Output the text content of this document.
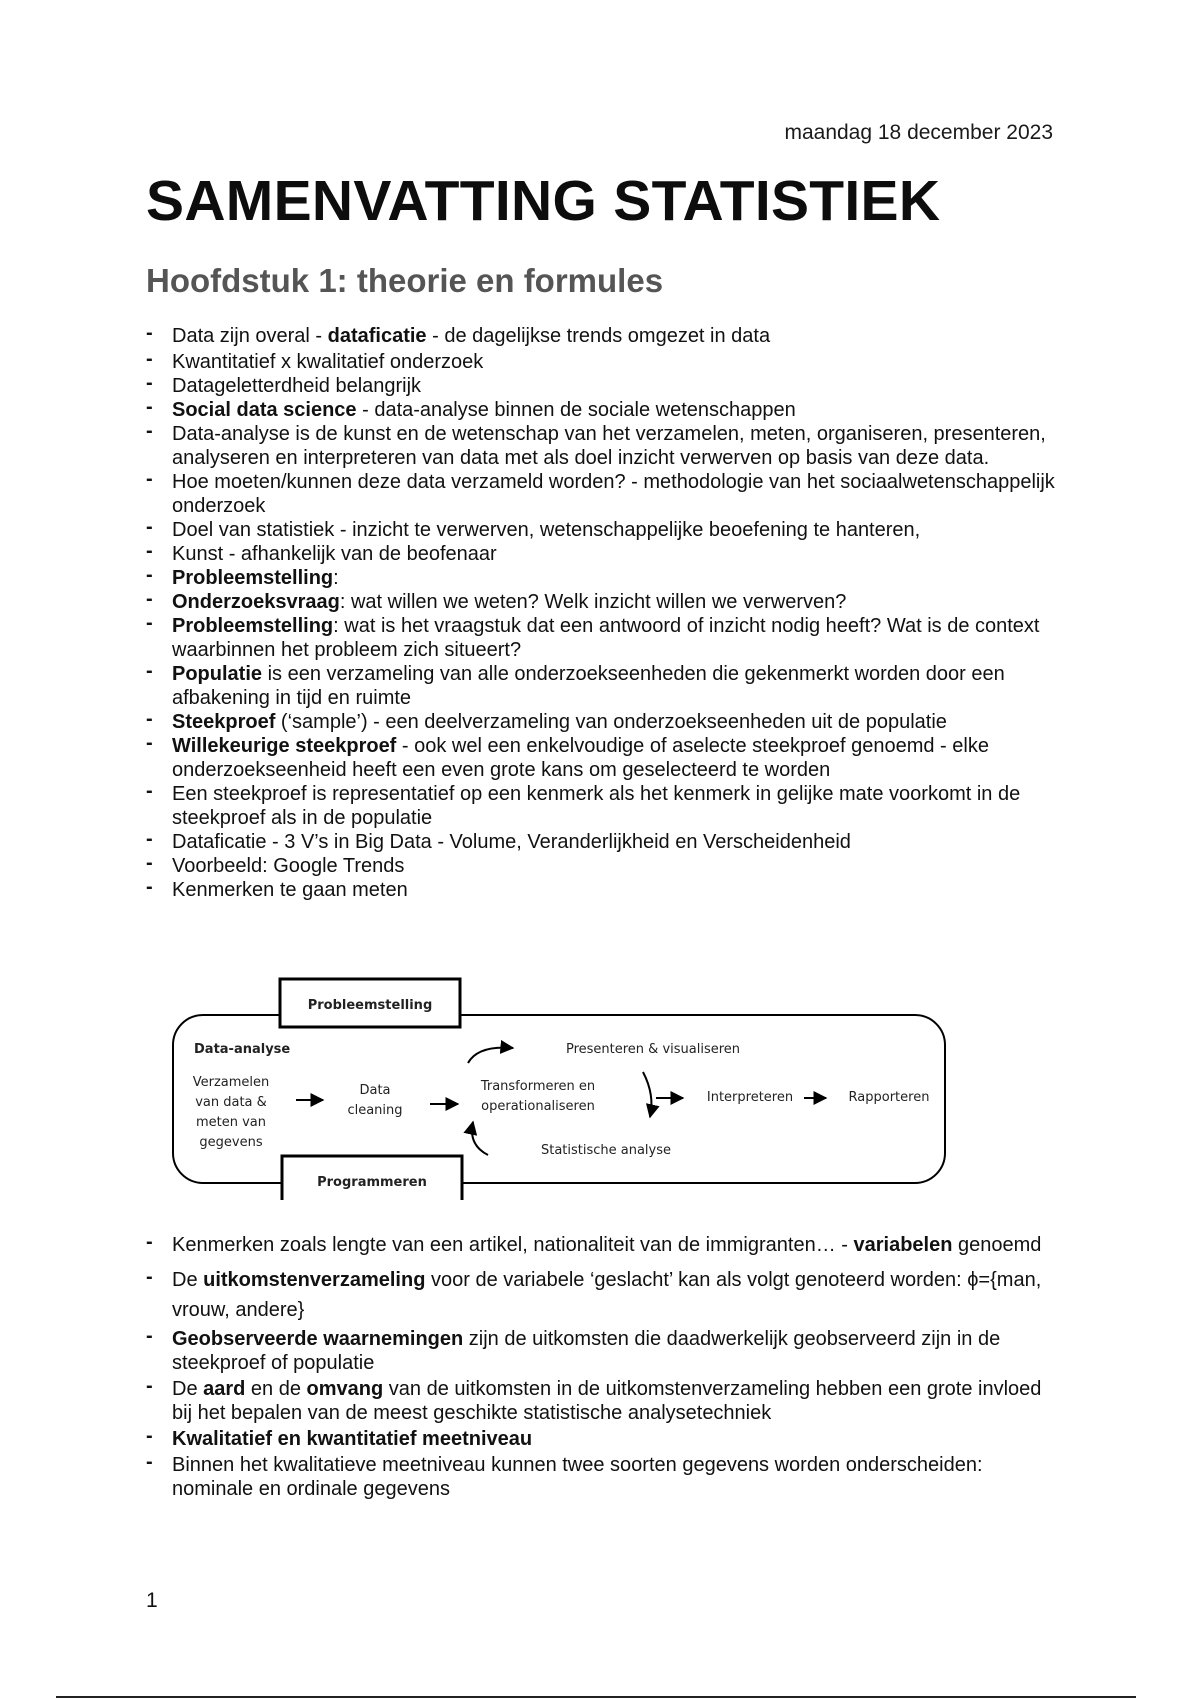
maandag 18 december 2023
SAMENVATTING STATISTIEK
Hoofdstuk 1: theorie en formules
- Data zijn overal - dataficatie - de dagelijkse trends omgezet in data
- Kwantitatief x kwalitatief onderzoek
- Datageletterdheid belangrijk
- Social data science - data-analyse binnen de sociale wetenschappen
- Data-analyse is de kunst en de wetenschap van het verzamelen, meten, organiseren, presenteren, analyseren en interpreteren van data met als doel inzicht verwerven op basis van deze data.
- Hoe moeten/kunnen deze data verzameld worden? - methodologie van het sociaalwetenschappelijk onderzoek
- Doel van statistiek - inzicht te verwerven, wetenschappelijke beoefening te hanteren,
- Kunst - afhankelijk van de beofenaar
- Probleemstelling:
- Onderzoeksvraag: wat willen we weten? Welk inzicht willen we verwerven?
- Probleemstelling: wat is het vraagstuk dat een antwoord of inzicht nodig heeft? Wat is de context waarbinnen het probleem zich situeert?
- Populatie is een verzameling van alle onderzoekseenheden die gekenmerkt worden door een afbakening in tijd en ruimte
- Steekproef (‘sample’) - een deelverzameling van onderzoekseenheden uit de populatie
- Willekeurige steekproef - ook wel een enkelvoudige of aselecte steekproef genoemd - elke onderzoekseenheid heeft een even grote kans om geselecteerd te worden
- Een steekproef is representatief op een kenmerk als het kenmerk in gelijke mate voorkomt in de steekproef als in de populatie
- Dataficatie - 3 V’s in Big Data - Volume, Veranderlijkheid en Verscheidenheid
- Voorbeeld: Google Trends
- Kenmerken te gaan meten
Probleemstelling
Programmeren
Data-analyse
Verzamelen
van data &
meten van
gegevens
Data
cleaning
Transformeren en
operationaliseren
Presenteren & visualiseren
Statistische analyse
Interpreteren	Rapporteren
- Kenmerken zoals lengte van een artikel, nationaliteit van de immigranten… - variabelen genoemd
- De uitkomstenverzameling voor de variabele ‘geslacht’ kan als volgt genoteerd worden: ϕ={man, vrouw, andere}
- Geobserveerde waarnemingen zijn de uitkomsten die daadwerkelijk geobserveerd zijn in de steekproef of populatie
- De aard en de omvang van de uitkomsten in de uitkomstenverzameling hebben een grote invloed bij het bepalen van de meest geschikte statistische analysetechniek
- Kwalitatief en kwantitatief meetniveau
- Binnen het kwalitatieve meetniveau kunnen twee soorten gegevens worden onderscheiden: nominale en ordinale gegevens
1
